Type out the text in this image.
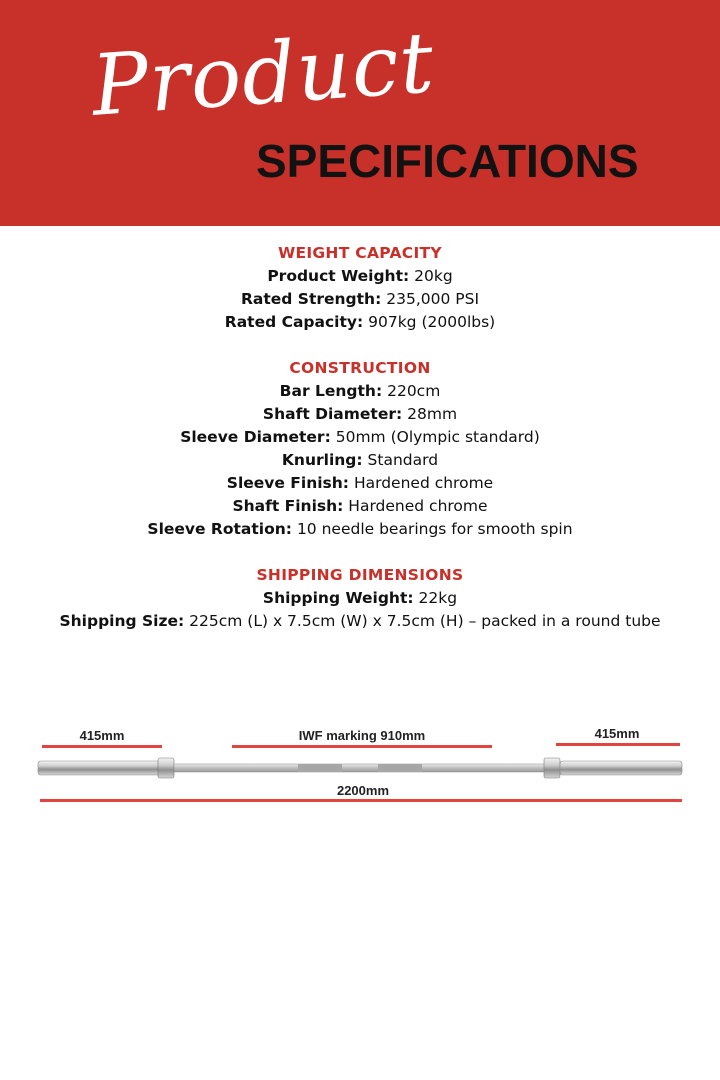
Product
SPECIFICATIONS
WEIGHT CAPACITY
Product Weight: 20kg
Rated Strength: 235,000 PSI
Rated Capacity: 907kg (2000lbs)
CONSTRUCTION
Bar Length: 220cm
Shaft Diameter: 28mm
Sleeve Diameter: 50mm (Olympic standard)
Knurling: Standard
Sleeve Finish: Hardened chrome
Shaft Finish: Hardened chrome
Sleeve Rotation: 10 needle bearings for smooth spin
SHIPPING DIMENSIONS
Shipping Weight: 22kg
Shipping Size: 225cm (L) x 7.5cm (W) x 7.5cm (H) – packed in a round tube
415mm	IWF marking 910mm	415mm
2200mm
